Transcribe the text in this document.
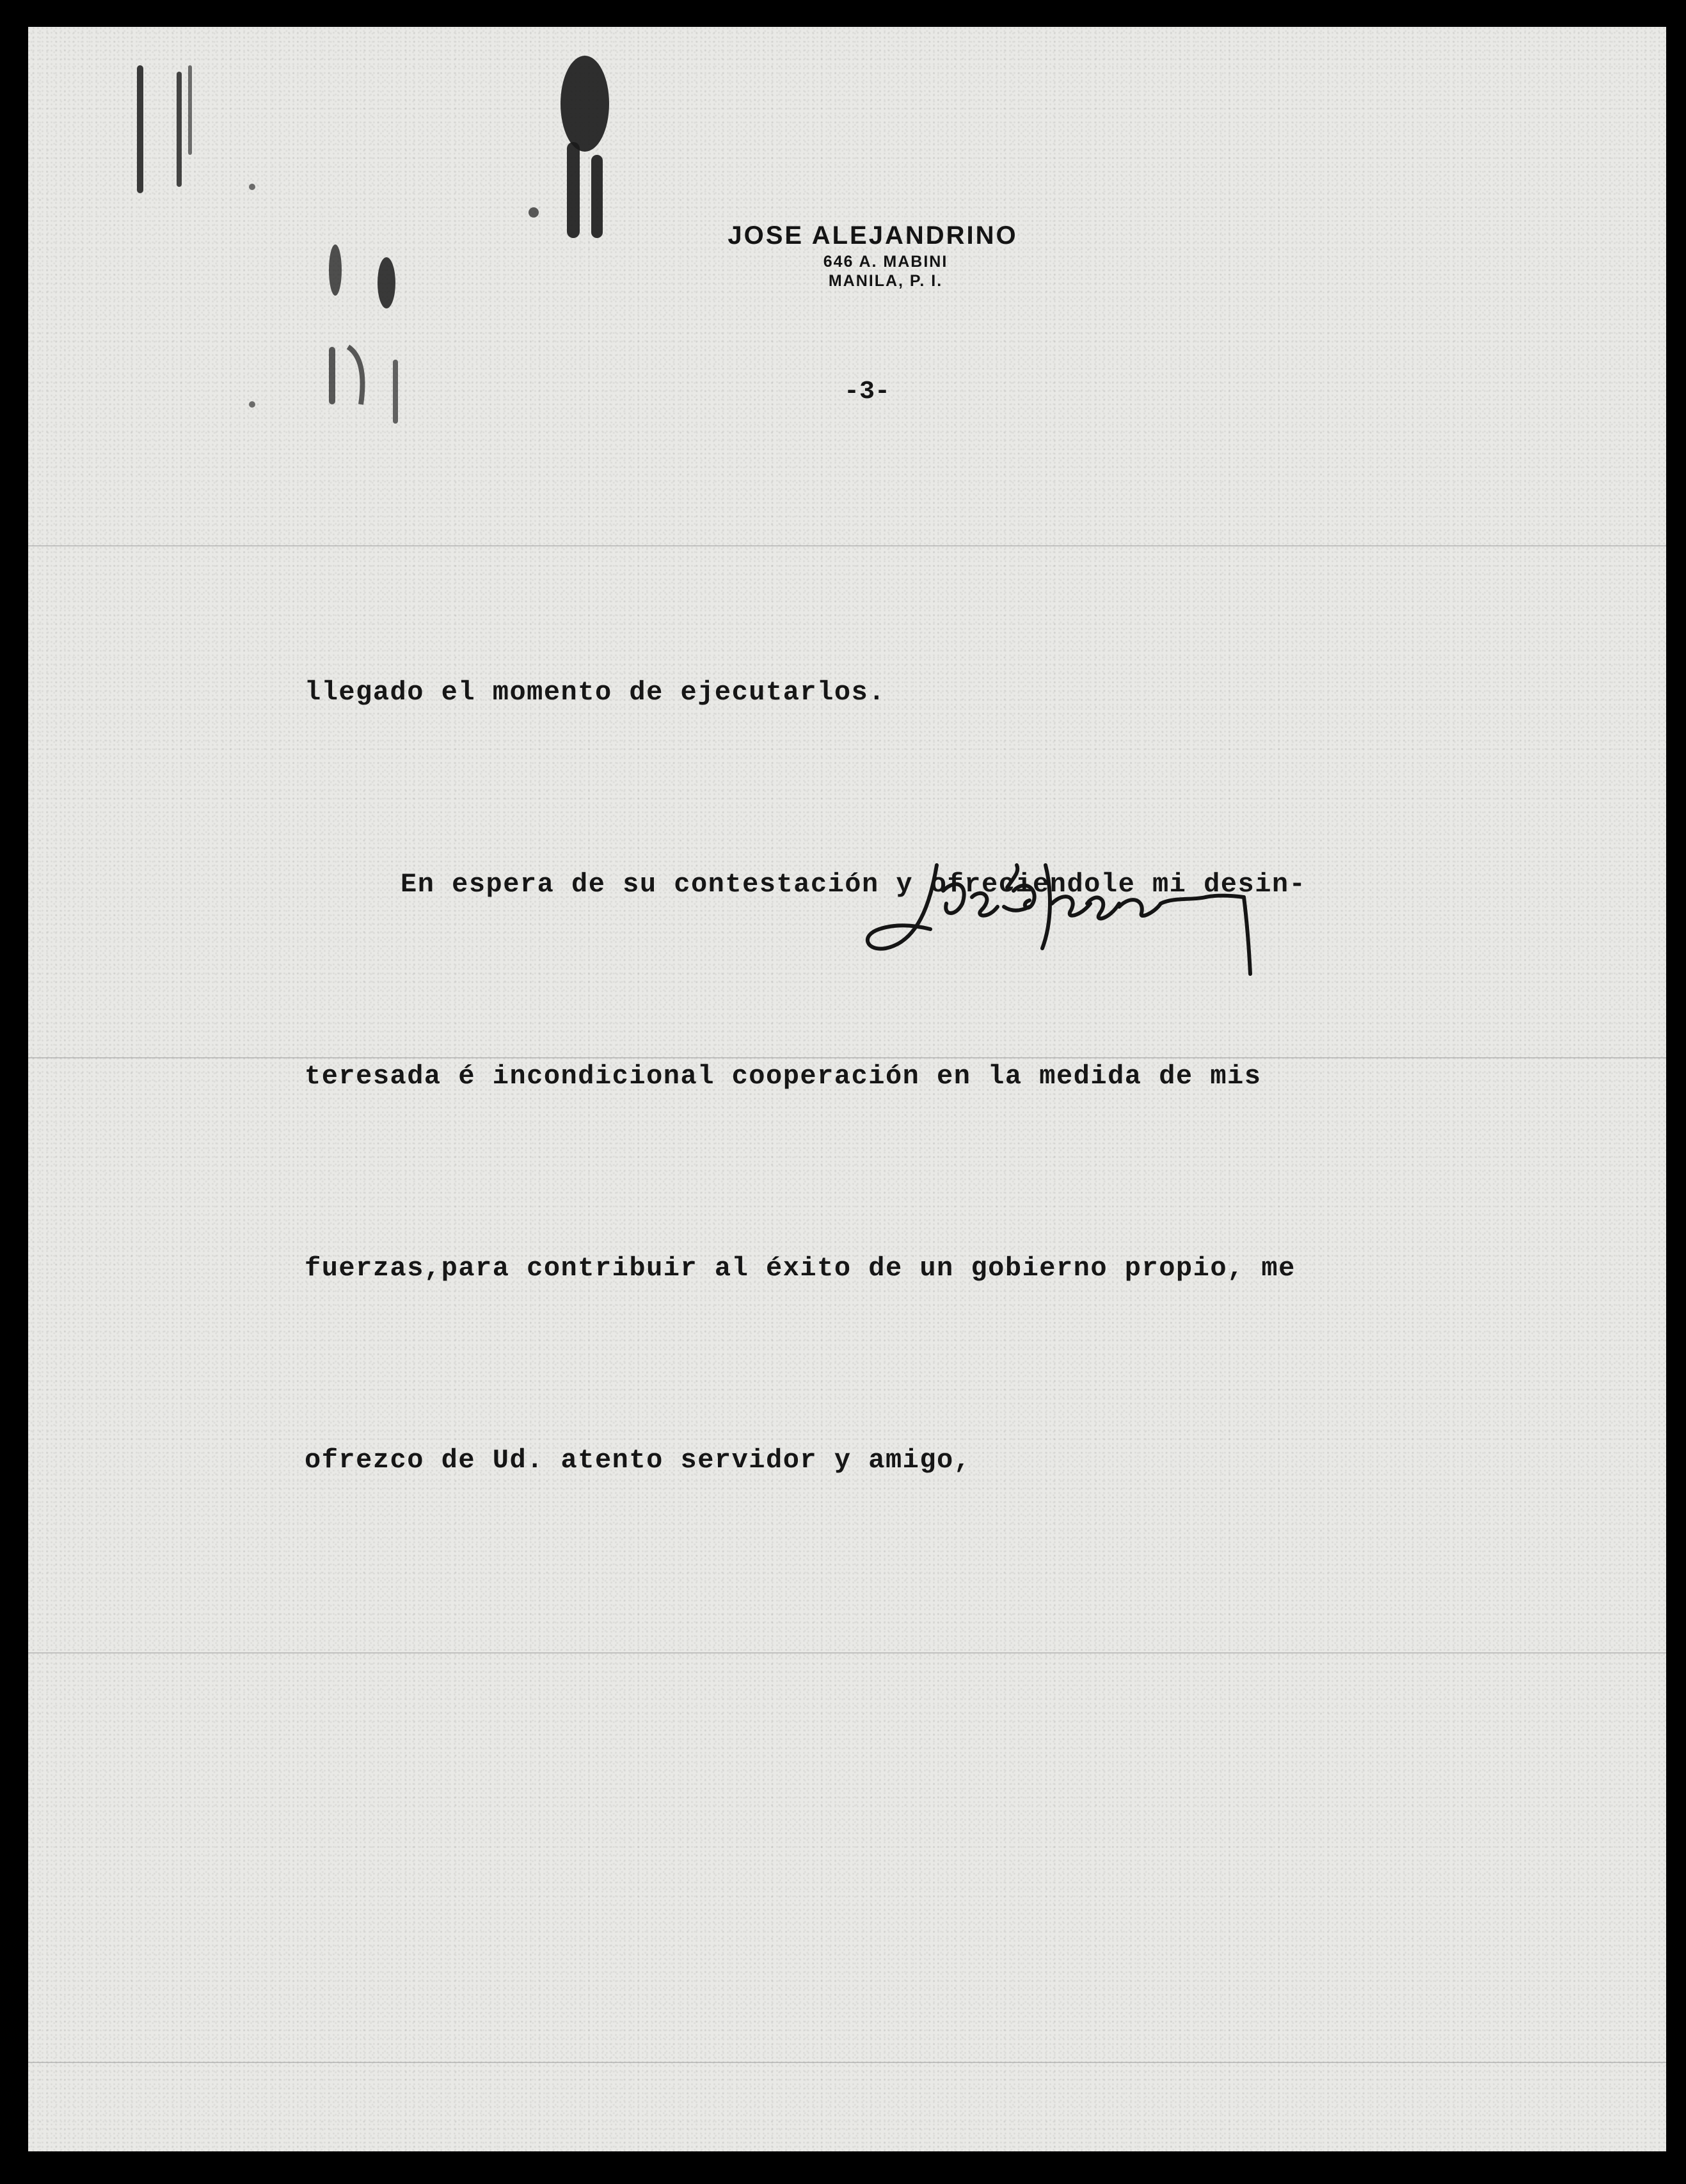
JOSE ALEJANDRINO
646 A. MABINI
MANILA, P. I.
-3-

llegado el momento de ejecutarlos.

En espera de su contestación y ofreciendole mi desin-

teresada é incondicional cooperación en la medida de mis

fuerzas,para contribuir al éxito de un gobierno propio, me

ofrezco de Ud. atento servidor y amigo,
